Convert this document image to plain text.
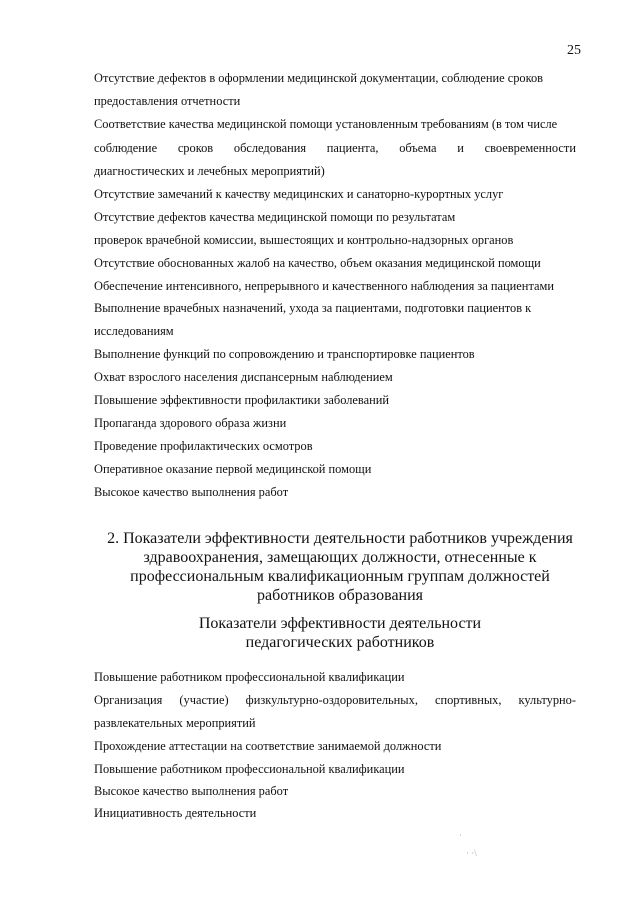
25
Отсутствие дефектов в оформлении медицинской документации, соблюдение сроков
предоставления отчетности
Соответствие качества медицинской помощи установленным требованиям (в том числе
соблюдение сроков обследования пациента, объема и своевременности
диагностических и лечебных мероприятий)
Отсутствие замечаний к качеству медицинских и санаторно-курортных услуг
Отсутствие дефектов качества медицинской помощи по результатам
проверок врачебной комиссии, вышестоящих и контрольно-надзорных органов
Отсутствие обоснованных жалоб на качество, объем оказания медицинской помощи
Обеспечение интенсивного, непрерывного и качественного наблюдения за пациентами
Выполнение врачебных назначений, ухода за пациентами, подготовки пациентов к
исследованиям
Выполнение функций по сопровождению и транспортировке пациентов
Охват взрослого населения диспансерным наблюдением
Повышение эффективности профилактики заболеваний
Пропаганда здорового образа жизни
Проведение профилактических осмотров
Оперативное оказание первой медицинской помощи
Высокое качество выполнения работ
2. Показатели эффективности деятельности работников учреждения
здравоохранения, замещающих должности, отнесенные к
профессиональным квалификационным группам должностей
работников образования
Показатели эффективности деятельности
педагогических работников
Повышение работником профессиональной квалификации
Организация (участие) физкультурно-оздоровительных, спортивных, культурно-
развлекательных мероприятий
Прохождение аттестации на соответствие занимаемой должности
Повышение работником профессиональной квалификации
Высокое качество выполнения работ
Инициативность деятельности
·
· ·\
